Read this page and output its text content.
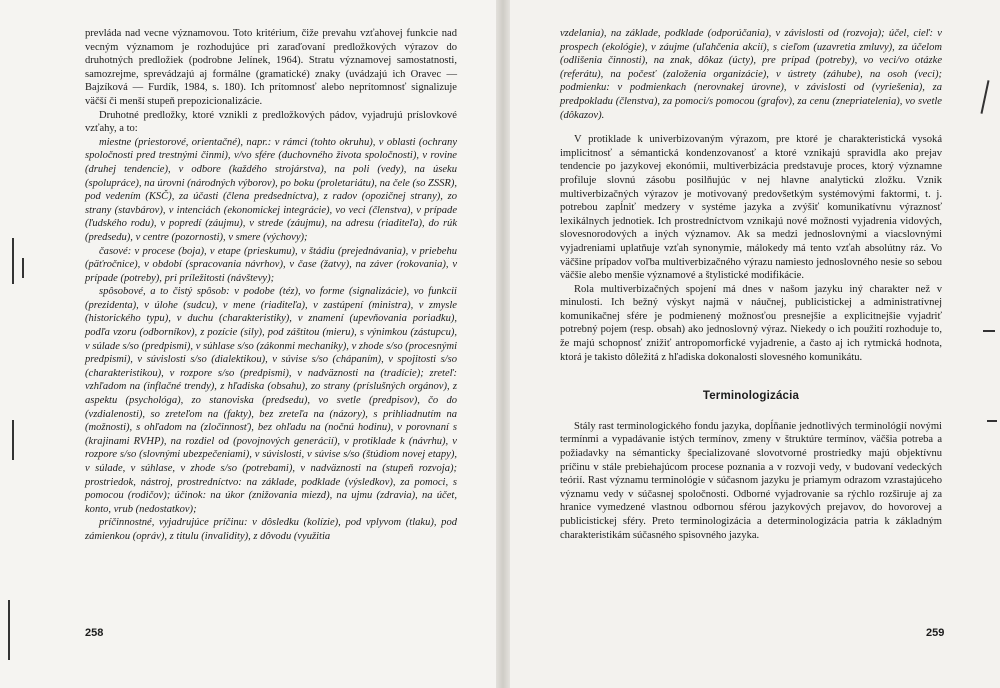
prevláda nad vecne významovou. Toto kritérium, čiže prevahu vzťahovej funkcie nad vecným významom je rozhodujúce pri zaraďovaní predložkových výrazov do druhotných predložiek (podrobne Jelínek, 1964). Stratu významovej samostatnosti, samozrejme, sprevádzajú aj formálne (gramatické) znaky (uvádzajú ich Oravec — Bajzíková — Furdík, 1984, s. 180). Ich prítomnosť alebo neprítomnosť signalizuje väčší či menší stupeň prepozicionalizácie.

Druhotné predložky, ktoré vznikli z predložkových pádov, vyjadrujú príslovkové vzťahy, a to:

miestne (priestorové, orientačné), napr.: v rámci (tohto okruhu), v oblasti (ochrany spoločnosti pred trestnými činmi), v/vo sfére (duchovného života spoločnosti), v rovine (druhej tendencie), v odbore (každého strojárstva), na poli (vedy), na úseku (spolupráce), na úrovni (národných výborov), po boku (proletariátu), na čele (so ZSSR), pod vedením (KSČ), za účasti (člena predsedníctva), z radov (opozičnej strany), zo strany (stavbárov), v intenciách (ekonomickej integrácie), vo veci (členstva), v prípade (ľudského rodu), v popredí (záujmu), v strede (záujmu), na adresu (riaditeľa), do rúk (predsedu), v centre (pozornosti), v smere (výchovy);

časové: v procese (boja), v etape (prieskumu), v štádiu (prejednávania), v priebehu (päťročnice), v období (spracovania návrhov), v čase (žatvy), na záver (rokovania), v prípade (potreby), pri príležitosti (návštevy);

spôsobové, a to čistý spôsob: v podobe (téz), vo forme (signalizácie), vo funkcii (prezidenta), v úlohe (sudcu), v mene (riaditeľa), v zastúpení (ministra), v zmysle (historického typu), v duchu (charakteristiky), v znamení (upevňovania poriadku), podľa vzoru (odborníkov), z pozície (sily), pod záštitou (mieru), s výnimkou (zástupcu), v súlade s/so (predpismi), v súhlase s/so (zákonmi mechaniky), v zhode s/so (procesnými predpismi), v súvislosti s/so (dialektikou), v súvise s/so (chápaním), v spojitosti s/so (charakteristikou), v rozpore s/so (predpismi), v nadväznosti na (tradície); zreteľ: vzhľadom na (inflačné trendy), z hľadiska (obsahu), zo strany (príslušných orgánov), z aspektu (psychológa), zo stanoviska (predsedu), vo svetle (predpisov), čo do (vzdialenosti), so zreteľom na (fakty), bez zreteľa na (názory), s prihliadnutím na (možnosti), s ohľadom na (zločinnosť), bez ohľadu na (nočnú hodinu), v porovnaní s (krajinami RVHP), na rozdiel od (povojnových generácií), v protiklade k (návrhu), v rozpore s/so (slovnými ubezpečeniami), v súvislosti, v súvise s/so (štúdiom novej etapy), v súlade, v súhlase, v zhode s/so (potrebami), v nadväznosti na (stupeň rozvoja); prostriedok, nástroj, prostredníctvo: na základe, podklade (výsledkov), za pomoci, s pomocou (rodičov); účinok: na úkor (znižovania miezd), na ujmu (zdravia), na účet, konto, vrub (nedostatkov);

príčinnostné, vyjadrujúce príčinu: v dôsledku (kolízie), pod vplyvom (tlaku), pod zámienkou (opráv), z titulu (invalidity), z dôvodu (využitia

258

vzdelania), na základe, podklade (odporúčania), v závislosti od (rozvoja); účel, cieľ: v prospech (ekológie), v záujme (uľahčenia akcií), s cieľom (uzavretia zmluvy), za účelom (odlišenia činnosti), na znak, dôkaz (úcty), pre prípad (potreby), vo veci/vo otázke (referátu), na počesť (založenia organizácie), v ústrety (záhube), na osoh (veci); podmienku: v podmienkach (nerovnakej úrovne), v závislosti od (vyriešenia), za predpokladu (členstva), za pomoci/s pomocou (grafov), za cenu (znepriatelenia), vo svetle (dôkazov).

V protiklade k univerbizovaným výrazom, pre ktoré je charakteristická vysoká implicitnosť a sémantická kondenzovanosť a ktoré vznikajú spravidla ako prejav tendencie po jazykovej ekonómii, multiverbizácia predstavuje proces, ktorý významne profiluje slovnú zásobu posilňujúc v nej hlavne analytickú zložku. Vznik multiverbizačných výrazov je motivovaný predovšetkým systémovými faktormi, t. j. potrebou zapĺniť medzery v systéme jazyka a zvýšiť komunikatívnu výraznosť lexikálnych jednotiek. Ich prostredníctvom vznikajú nové možnosti vyjadrenia vidových, slovesnorodových a iných významov. Ak sa medzi jednoslovnými a viacslovnými vyjadreniami uplatňuje vzťah synonymie, málokedy má tento vzťah absolútny ráz. Vo väčšine prípadov voľba multiverbizačného výrazu namiesto jednoslovného nesie so sebou väčšie alebo menšie významové a štylistické modifikácie.

Rola multiverbizačných spojení má dnes v našom jazyku iný charakter než v minulosti. Ich bežný výskyt najmä v náučnej, publicistickej a administratívnej komunikačnej sfére je podmienený možnosťou presnejšie a explicitnejšie vyjadriť potrebný pojem (resp. obsah) ako jednoslovný výraz. Niekedy o ich použití rozhoduje to, že majú schopnosť znižiť antropomorfické vyjadrenie, a často aj ich rytmická hodnota, ktorá je takisto dôležitá z hľadiska dokonalosti slovesného komunikátu.

Terminologizácia

Stály rast terminologického fondu jazyka, dopĺňanie jednotlivých terminológií novými termínmi a vypadávanie istých termínov, zmeny v štruktúre termínov, väčšia potreba a požiadavky na sémanticky špecializované slovotvorné prostriedky majú objektívnu príčinu v stále prebiehajúcom procese poznania a v rozvoji vedy, v budovaní vedeckých teórií. Rast významu terminológie v súčasnom jazyku je priamym odrazom vzrastajúceho významu vedy v súčasnej spoločnosti. Odborné vyjadrovanie sa rýchlo rozširuje aj za hranice vymedzené vlastnou odbornou sférou jazykových prejavov, do hovorovej a publicistickej sféry. Preto terminologizácia a determinologizácia patria k základným charakteristikám súčasného spisovného jazyka.

259
